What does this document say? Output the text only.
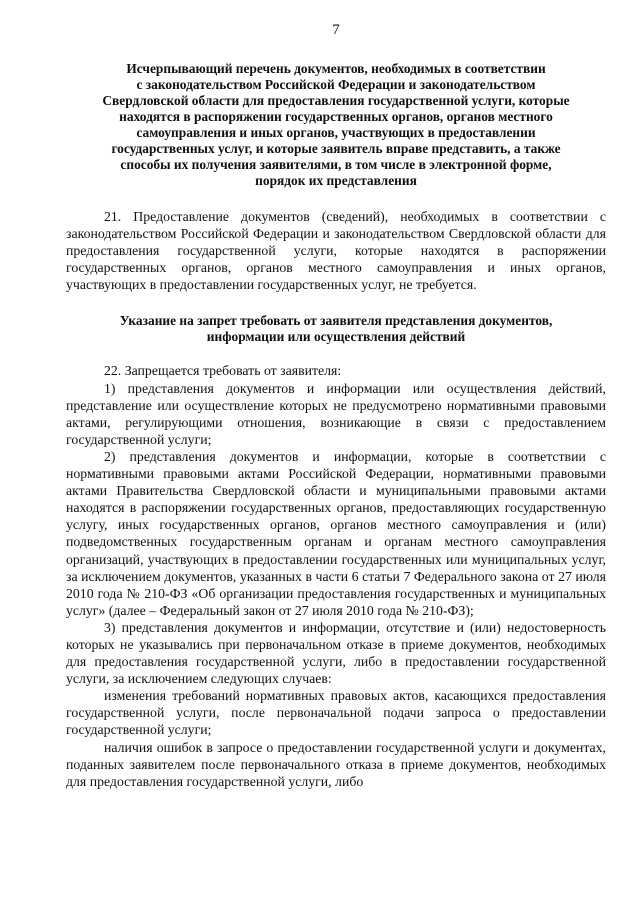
7
Исчерпывающий перечень документов, необходимых в соответствии
с законодательством Российской Федерации и законодательством
Свердловской области для предоставления государственной услуги, которые
находятся в распоряжении государственных органов, органов местного
самоуправления и иных органов, участвующих в предоставлении
государственных услуг, и которые заявитель вправе представить, а также
способы их получения заявителями, в том числе в электронной форме,
порядок их представления

21. Предоставление документов (сведений), необходимых в соответствии с законодательством Российской Федерации и законодательством Свердловской области для предоставления государственной услуги, которые находятся в распоряжении государственных органов, органов местного самоуправления и иных органов, участвующих в предоставлении государственных услуг, не требуется.

Указание на запрет требовать от заявителя представления документов,
информации или осуществления действий

22. Запрещается требовать от заявителя:

1) представления документов и информации или осуществления действий, представление или осуществление которых не предусмотрено нормативными правовыми актами, регулирующими отношения, возникающие в связи с предоставлением государственной услуги;

2) представления документов и информации, которые в соответствии с нормативными правовыми актами Российской Федерации, нормативными правовыми актами Правительства Свердловской области и муниципальными правовыми актами находятся в распоряжении государственных органов, предоставляющих государственную услугу, иных государственных органов, органов местного самоуправления и (или) подведомственных государственным органам и органам местного самоуправления организаций, участвующих в предоставлении государственных или муниципальных услуг, за исключением документов, указанных в части 6 статьи 7 Федерального закона от 27 июля 2010 года № 210-ФЗ «Об организации предоставления государственных и муниципальных услуг» (далее – Федеральный закон от 27 июля 2010 года № 210-ФЗ);

3) представления документов и информации, отсутствие и (или) недостоверность которых не указывались при первоначальном отказе в приеме документов, необходимых для предоставления государственной услуги, либо в предоставлении государственной услуги, за исключением следующих случаев:

изменения требований нормативных правовых актов, касающихся предоставления государственной услуги, после первоначальной подачи запроса о предоставлении государственной услуги;

наличия ошибок в запросе о предоставлении государственной услуги и документах, поданных заявителем после первоначального отказа в приеме документов, необходимых для предоставления государственной услуги, либо
